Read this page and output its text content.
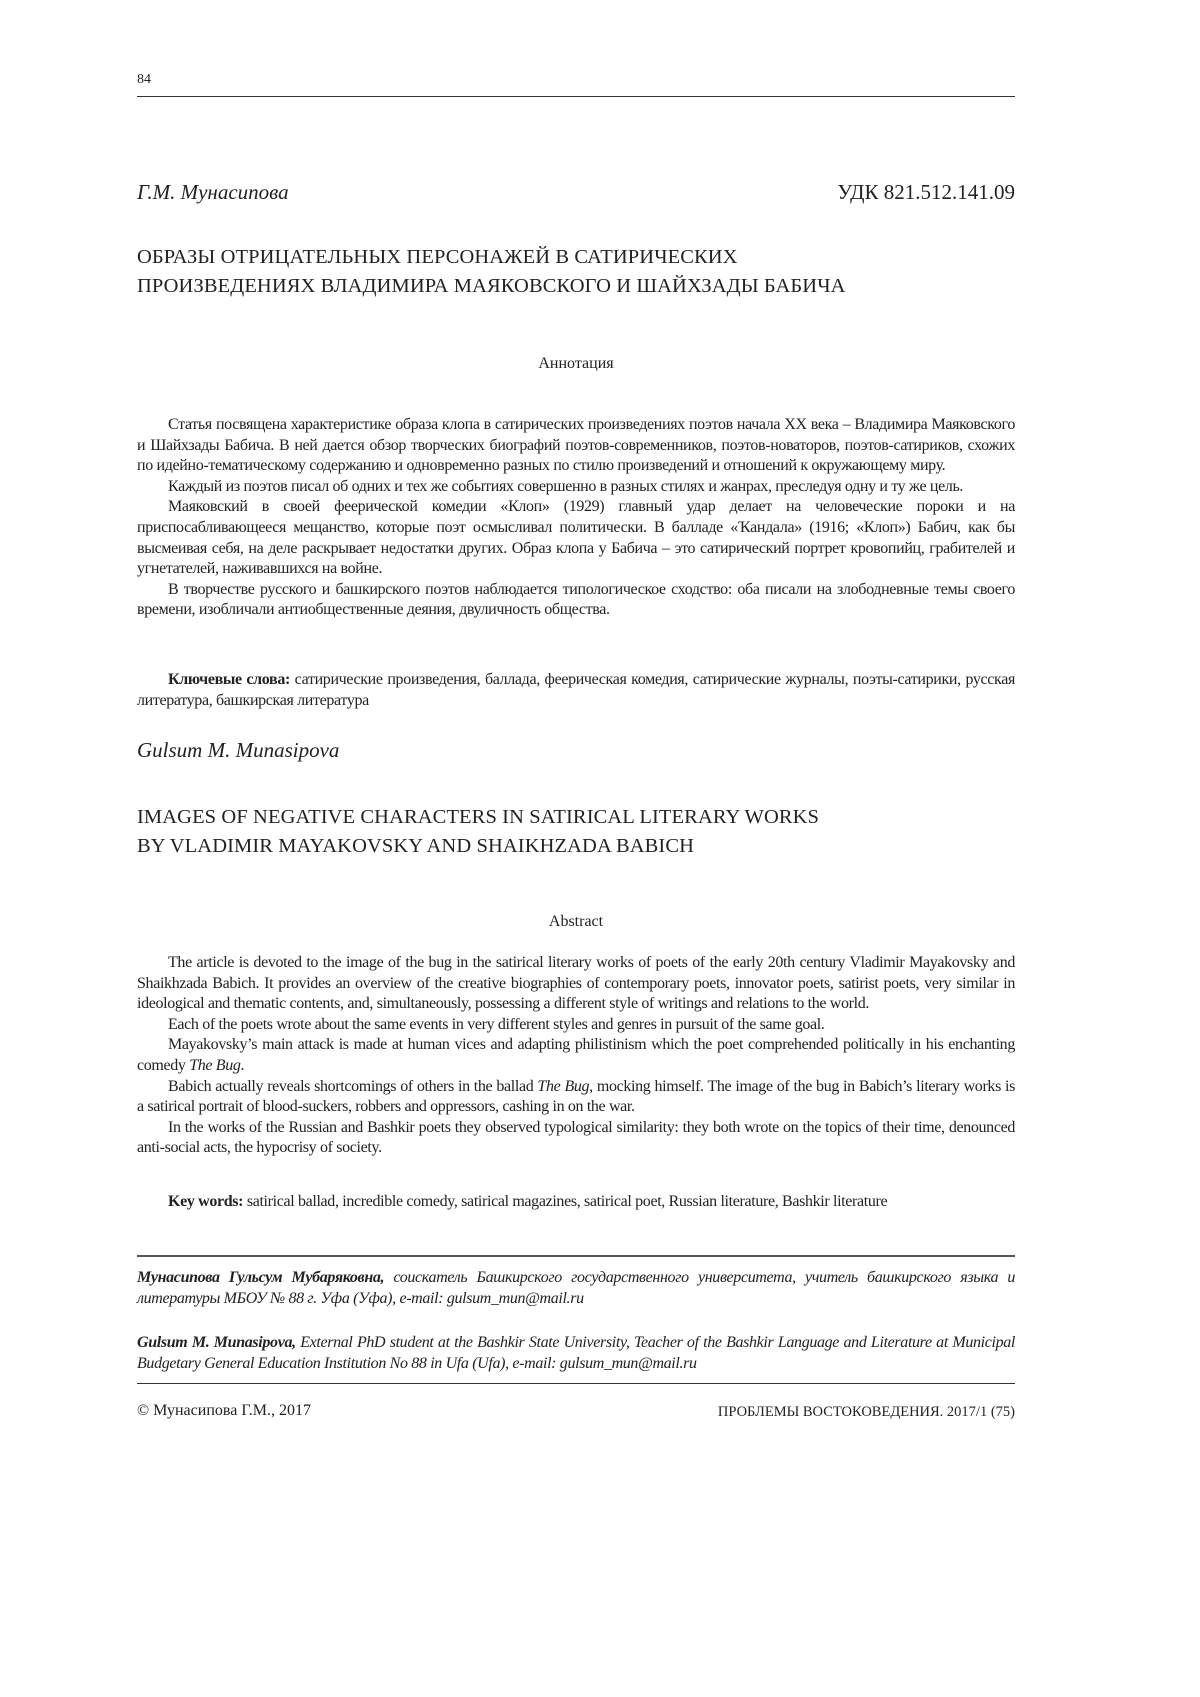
84
Г.М. Мунасипова	УДК 821.512.141.09
ОБРАЗЫ ОТРИЦАТЕЛЬНЫХ ПЕРСОНАЖЕЙ В САТИРИЧЕСКИХ
ПРОИЗВЕДЕНИЯХ ВЛАДИМИРА МАЯКОВСКОГО И ШАЙХЗАДЫ БАБИЧА
Аннотация

Статья посвящена характеристике образа клопа в сатирических произведениях поэтов начала XX века – Владимира Маяковского и Шайхзады Бабича. В ней дается обзор творческих биографий поэтов-современников, поэтов-новаторов, поэтов-сатириков, схожих по идейно-тематическому содержанию и одновременно разных по стилю произведений и отношений к окружающему миру.

Каждый из поэтов писал об одних и тех же событиях совершенно в разных стилях и жанрах, преследуя одну и ту же цель.

Маяковский в своей феерической комедии «Клоп» (1929) главный удар делает на человеческие пороки и на приспосабливающееся мещанство, которые поэт осмысливал политически. В балладе «Ҡандала» (1916; «Клоп») Бабич, как бы высмеивая себя, на деле раскрывает недостатки других. Образ клопа у Бабича – это сатирический портрет кровопийц, грабителей и угнетателей, наживавшихся на войне.

В творчестве русского и башкирского поэтов наблюдается типологическое сходство: оба писали на злободневные темы своего времени, изобличали антиобщественные деяния, двуличность общества.

Ключевые слова: сатирические произведения, баллада, феерическая комедия, сатирические журналы, поэты-сатирики, русская литература, башкирская литература

Gulsum M. Munasipova
IMAGES OF NEGATIVE CHARACTERS IN SATIRICAL LITERARY WORKS
BY VLADIMIR MAYAKOVSKY AND SHAIKHZADA BABICH
Abstract

The article is devoted to the image of the bug in the satirical literary works of poets of the early 20th century Vladimir Mayakovsky and Shaikhzada Babich. It provides an overview of the creative biographies of contemporary poets, innovator poets, satirist poets, very similar in ideological and thematic contents, and, simultaneously, possessing a different style of writings and relations to the world.

Each of the poets wrote about the same events in very different styles and genres in pursuit of the same goal.

Mayakovsky’s main attack is made at human vices and adapting philistinism which the poet comprehended politically in his enchanting comedy The Bug.

Babich actually reveals shortcomings of others in the ballad The Bug, mocking himself. The image of the bug in Babich’s literary works is a satirical portrait of blood-suckers, robbers and oppressors, cashing in on the war.

In the works of the Russian and Bashkir poets they observed typological similarity: they both wrote on the topics of their time, denounced anti-social acts, the hypocrisy of society.

Key words: satirical ballad, incredible comedy, satirical magazines, satirical poet, Russian literature, Bashkir literature

Мунасипова Гульсум Мубаряковна, соискатель Башкирского государственного университета, учитель башкирского языка и литературы МБОУ № 88 г. Уфа (Уфа), e-mail: gulsum_mun@mail.ru
Gulsum M. Munasipova, External PhD student at the Bashkir State University, Teacher of the Bashkir Language and Literature at Municipal Budgetary General Education Institution No 88 in Ufa (Ufa), e-mail: gulsum_mun@mail.ru
© Мунасипова Г.М., 2017	ПРОБЛЕМЫ ВОСТОКОВЕДЕНИЯ. 2017/1 (75)
